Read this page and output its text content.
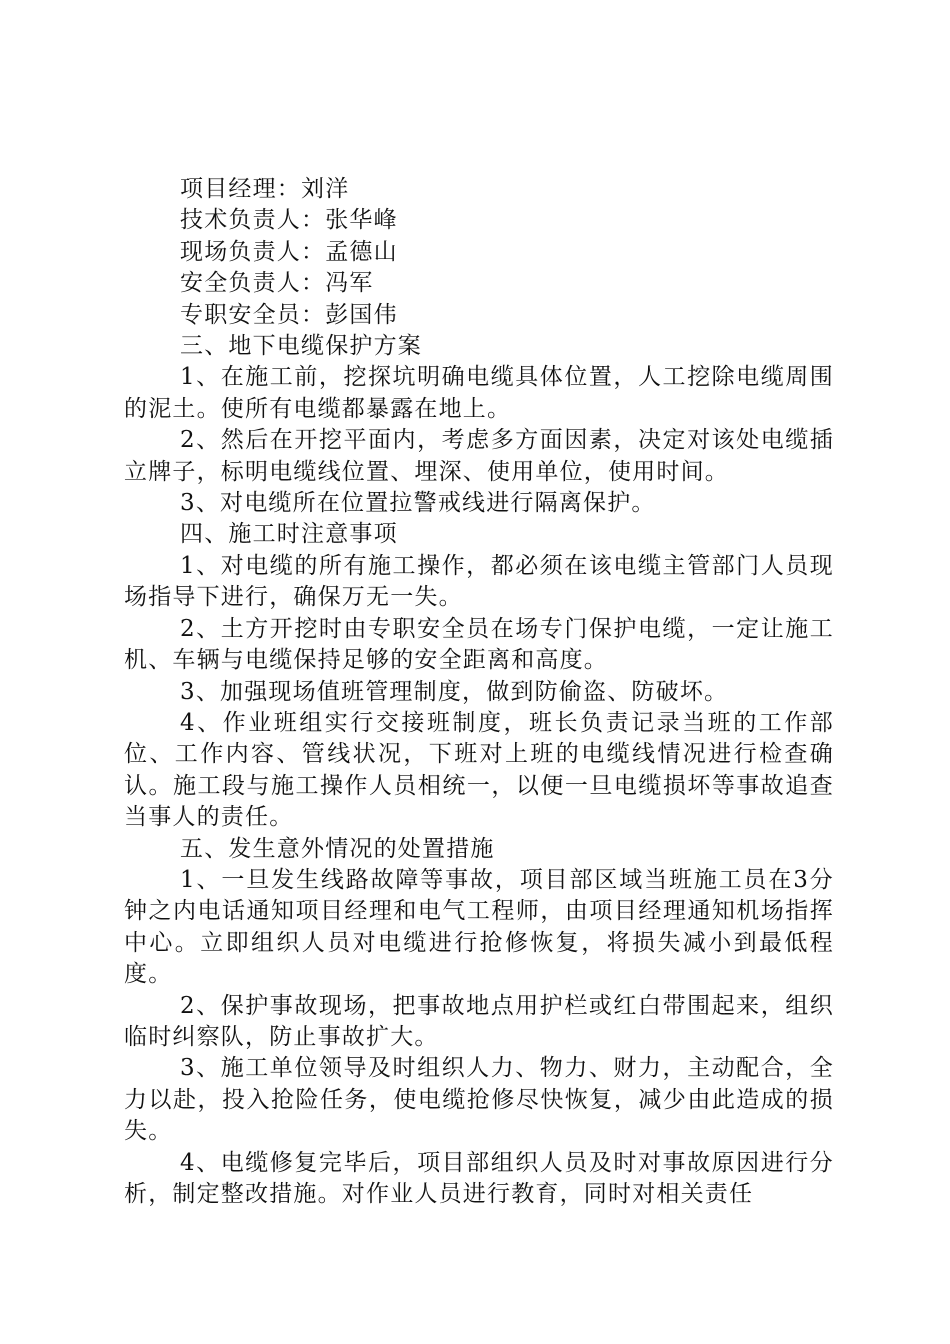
项目经理：刘洋

技术负责人：张华峰

现场负责人：孟德山

安全负责人：冯军

专职安全员：彭国伟

三、地下电缆保护方案

1、在施工前，挖探坑明确电缆具体位置，人工挖除电缆周围的泥土。使所有电缆都暴露在地上。

2、然后在开挖平面内，考虑多方面因素，决定对该处电缆插立牌子，标明电缆线位置、埋深、使用单位，使用时间。

3、对电缆所在位置拉警戒线进行隔离保护。

四、施工时注意事项

1、对电缆的所有施工操作，都必须在该电缆主管部门人员现场指导下进行，确保万无一失。

2、土方开挖时由专职安全员在场专门保护电缆，一定让施工机、车辆与电缆保持足够的安全距离和高度。

3、加强现场值班管理制度，做到防偷盗、防破坏。

4、作业班组实行交接班制度，班长负责记录当班的工作部位、工作内容、管线状况，下班对上班的电缆线情况进行检查确认。施工段与施工操作人员相统一，以便一旦电缆损坏等事故追查当事人的责任。

五、发生意外情况的处置措施

1、一旦发生线路故障等事故，项目部区域当班施工员在3分钟之内电话通知项目经理和电气工程师，由项目经理通知机场指挥中心。立即组织人员对电缆进行抢修恢复，将损失减小到最低程度。

2、保护事故现场，把事故地点用护栏或红白带围起来，组织临时纠察队，防止事故扩大。

3、施工单位领导及时组织人力、物力、财力，主动配合，全力以赴，投入抢险任务，使电缆抢修尽快恢复，减少由此造成的损失。

4、电缆修复完毕后，项目部组织人员及时对事故原因进行分析，制定整改措施。对作业人员进行教育，同时对相关责任
